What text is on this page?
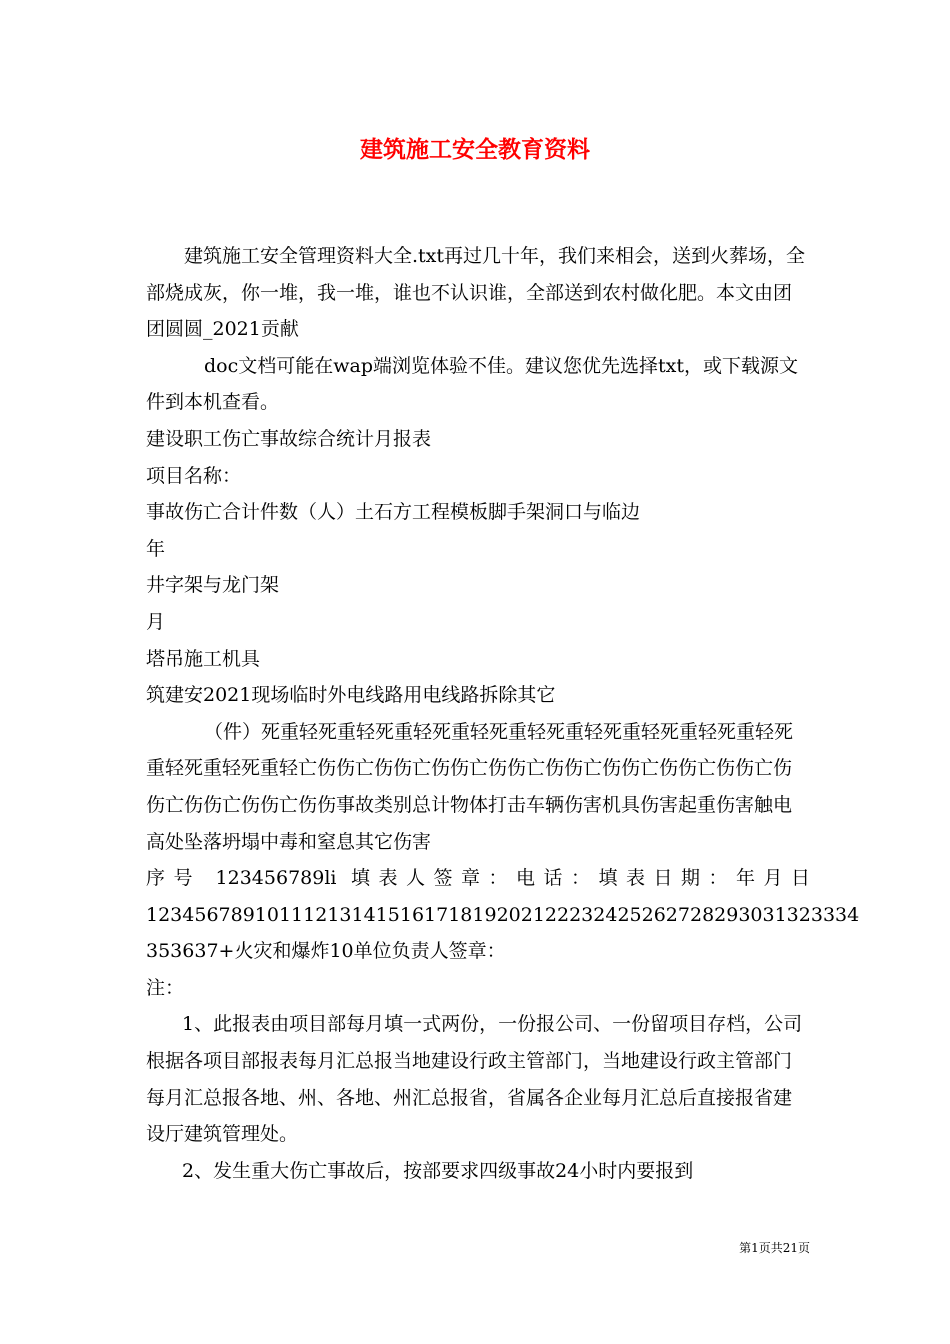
建筑施工安全教育资料

建筑施工安全管理资料大全.txt再过几十年，我们来相会，送到火葬场，全部烧成灰，你一堆，我一堆，谁也不认识谁，全部送到农村做化肥。本文由团团圆圆_2021贡献

doc文档可能在wap端浏览体验不佳。建议您优先选择txt，或下载源文件到本机查看。

建设职工伤亡事故综合统计月报表

项目名称：

事故伤亡合计件数（人）土石方工程模板脚手架洞口与临边

年

井字架与龙门架

月

塔吊施工机具

筑建安2021现场临时外电线路用电线路拆除其它

（件）死重轻死重轻死重轻死重轻死重轻死重轻死重轻死重轻死重轻死重轻死重轻死重轻亡伤伤亡伤伤亡伤伤亡伤伤亡伤伤亡伤伤亡伤伤亡伤伤亡伤伤亡伤伤亡伤伤亡伤伤事故类别总计物体打击车辆伤害机具伤害起重伤害触电高处坠落坍塌中毒和窒息其它伤害

序号 123456789li 填表人签章：电话：填表日期：年月日

12345678910111213141516171819202122232425262728293031323334

353637+火灾和爆炸10单位负责人签章：

注：

1、此报表由项目部每月填一式两份，一份报公司、一份留项目存档，公司根据各项目部报表每月汇总报当地建设行政主管部门，当地建设行政主管部门每月汇总报各地、州、各地、州汇总报省，省属各企业每月汇总后直接报省建设厅建筑管理处。

2、发生重大伤亡事故后，按部要求四级事故24小时内要报到

第1页共21页
